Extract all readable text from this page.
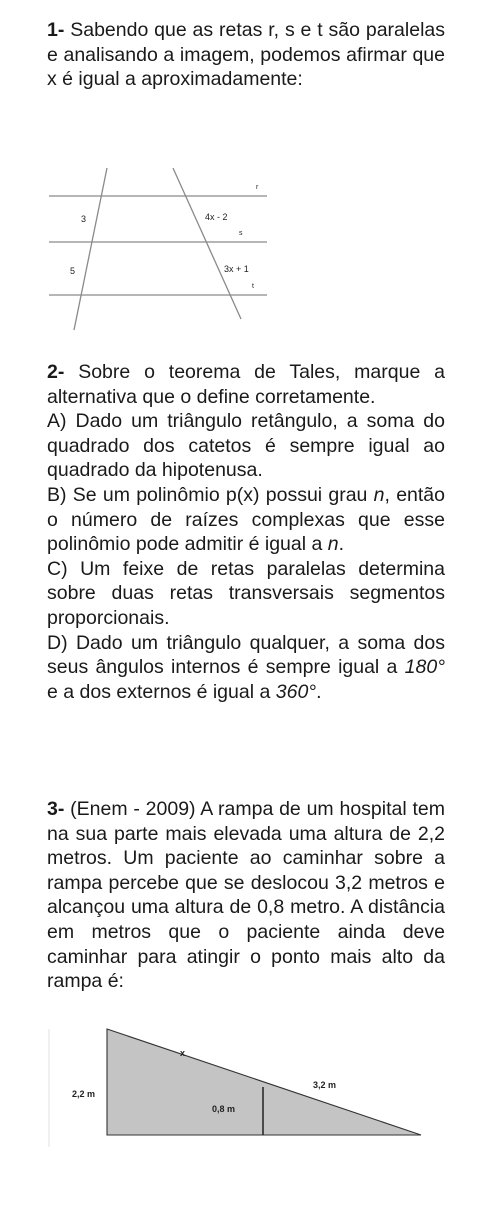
1- Sabendo que as retas r, s e t são paralelas e analisando a imagem, podemos afirmar que x é igual a aproximadamente:

r
s
t
3
5
4x - 2
3x + 1

2- Sobre o teorema de Tales, marque a alternativa que o define corretamente.

A) Dado um triângulo retângulo, a soma do quadrado dos catetos é sempre igual ao quadrado da hipotenusa.

B) Se um polinômio p(x) possui grau n, então o número de raízes complexas que esse polinômio pode admitir é igual a n.

C) Um feixe de retas paralelas determina sobre duas retas transversais segmentos proporcionais.

D) Dado um triângulo qualquer, a soma dos seus ângulos internos é sempre igual a 180° e a dos externos é igual a 360°.

3- (Enem - 2009) A rampa de um hospital tem na sua parte mais elevada uma altura de 2,2 metros. Um paciente ao caminhar sobre a rampa percebe que se deslocou 3,2 metros e alcançou uma altura de 0,8 metro. A distância em metros que o paciente ainda deve caminhar para atingir o ponto mais alto da rampa é:

x
2,2 m
3,2 m
0,8 m
